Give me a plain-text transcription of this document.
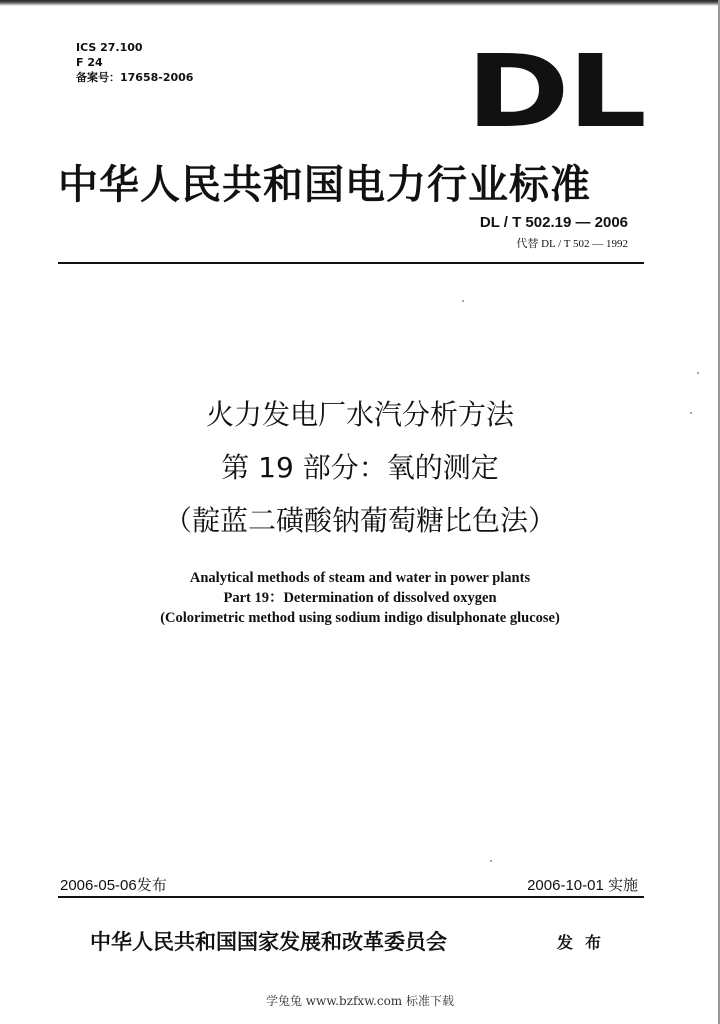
ICS 27.100
F 24
备案号：17658-2006	DL
中华人民共和国电力行业标准
DL / T 502.19 — 2006
代替 DL / T 502 — 1992
火力发电厂水汽分析方法
第 19 部分：氧的测定
（靛蓝二磺酸钠葡萄糖比色法）
Analytical methods of steam and water in power plants
Part 19：Determination of dissolved oxygen
(Colorimetric method using sodium indigo disulphonate glucose)
2006-05-06发布	2006-10-01 实施
中华人民共和国国家发展和改革委员会	发布
学兔兔 www.bzfxw.com 标准下载
